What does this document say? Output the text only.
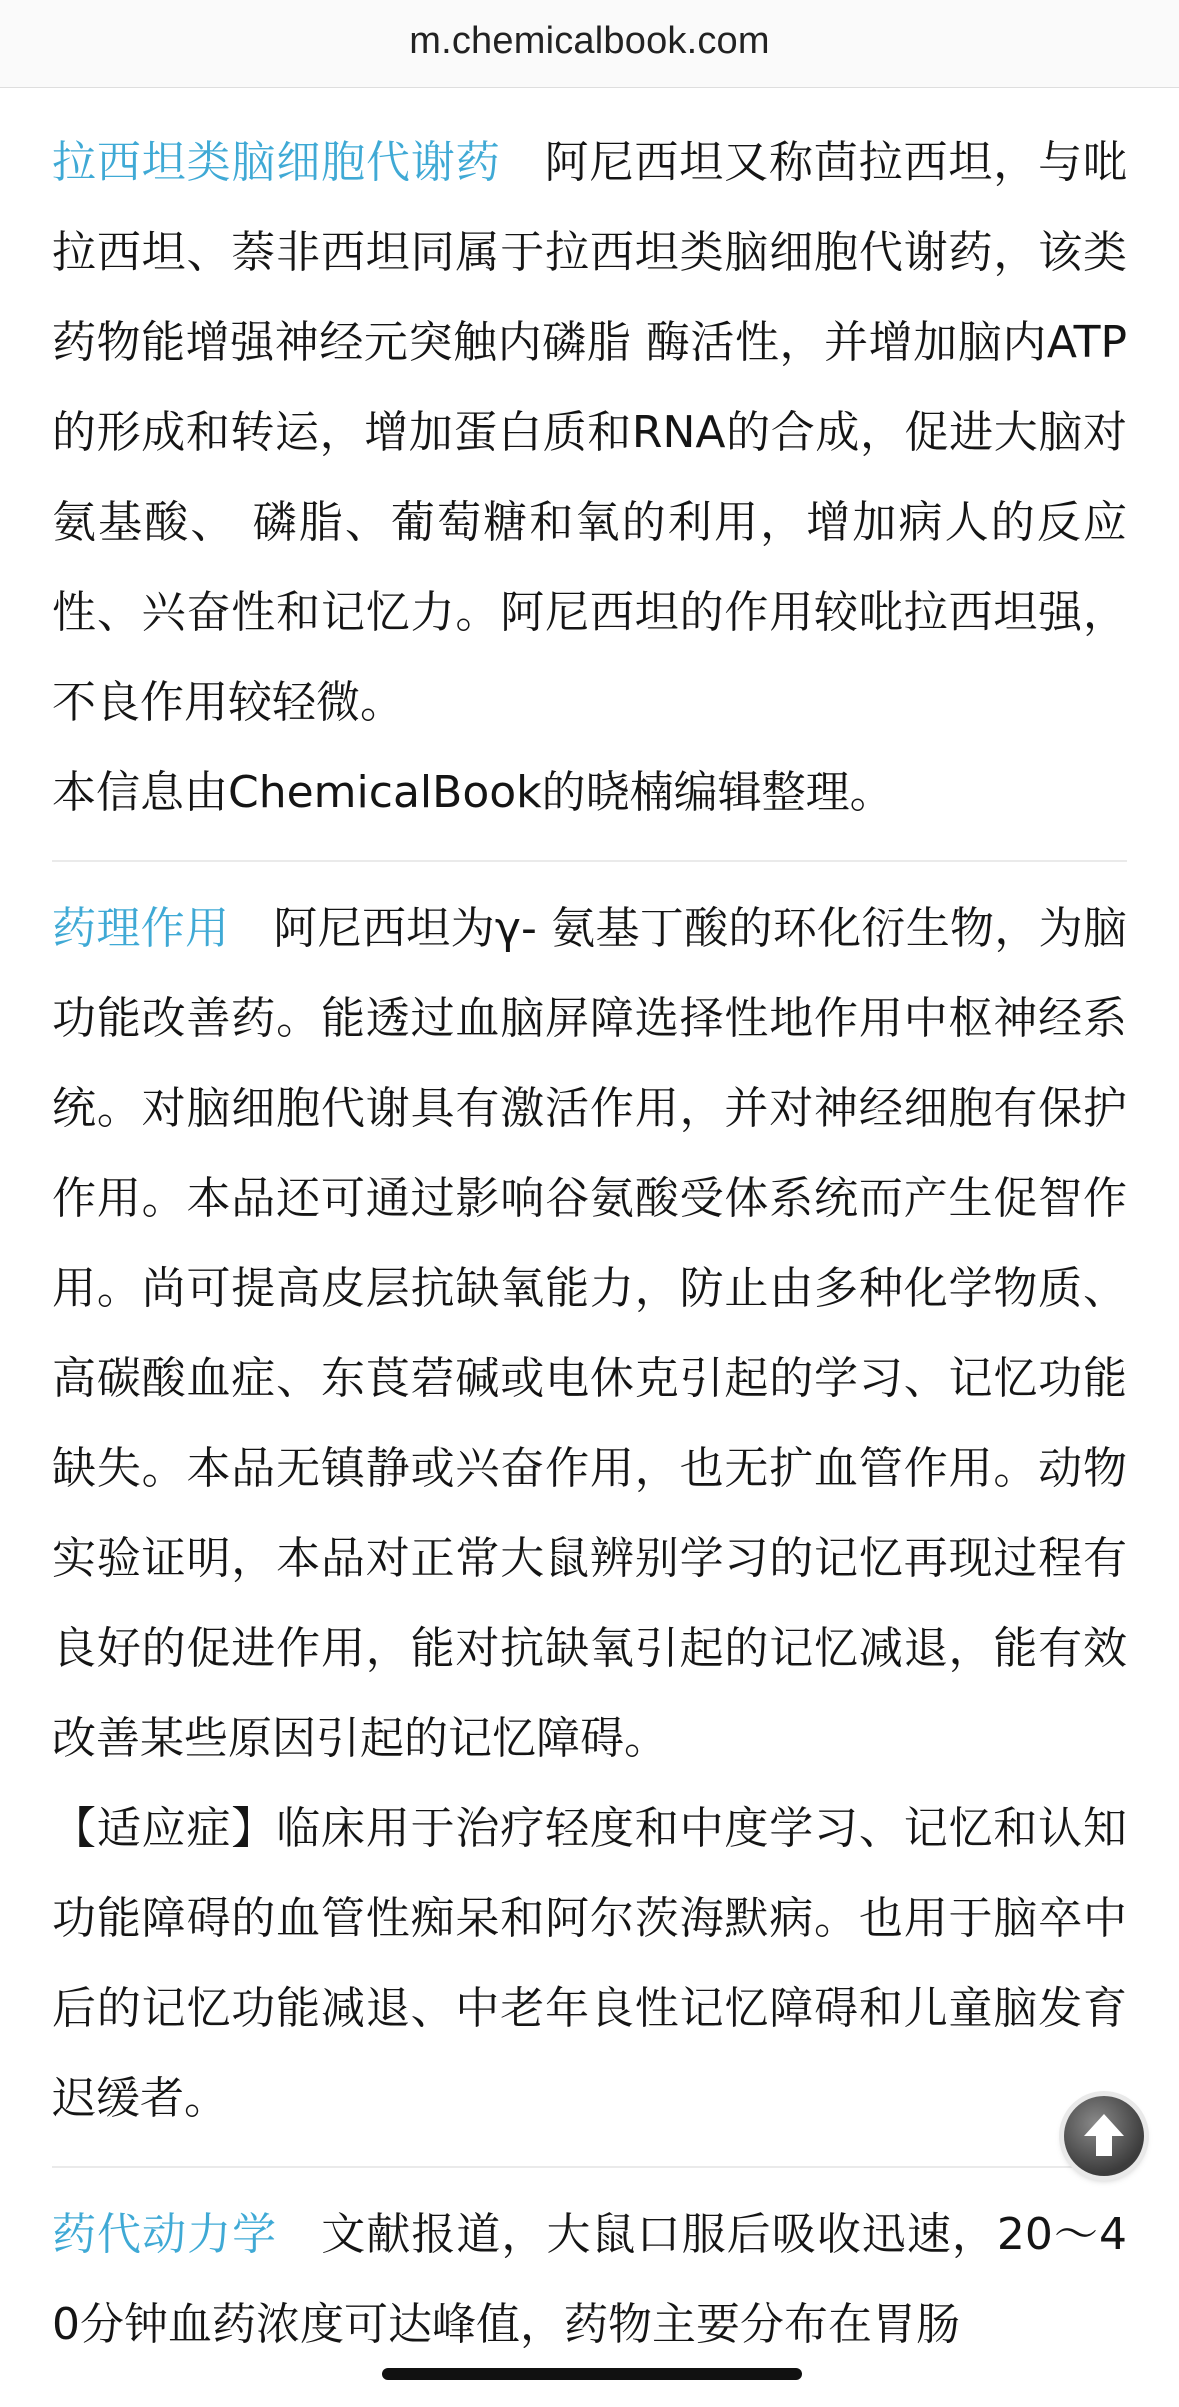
m.chemicalbook.com

拉西坦类脑细胞代谢药 阿尼西坦又称茴拉西坦，与吡拉西坦、萘非西坦同属于拉西坦类脑细胞代谢药，该类药物能增强神经元突触内磷脂 酶活性，并增加脑内ATP的形成和转运，增加蛋白质和RNA的合成，促进大脑对氨基酸、 磷脂、葡萄糖和氧的利用，增加病人的反应性、兴奋性和记忆力。阿尼西坦的作用较吡拉西坦强，不良作用较轻微。

本信息由ChemicalBook的晓楠编辑整理。

药理作用 阿尼西坦为γ- 氨基丁酸的环化衍生物，为脑功能改善药。能透过血脑屏障选择性地作用中枢神经系统。对脑细胞代谢具有激活作用，并对神经细胞有保护作用。本品还可通过影响谷氨酸受体系统而产生促智作用。尚可提高皮层抗缺氧能力，防止由多种化学物质、高碳酸血症、东莨菪碱或电休克引起的学习、记忆功能缺失。本品无镇静或兴奋作用，也无扩血管作用。动物实验证明，本品对正常大鼠辨别学习的记忆再现过程有良好的促进作用，能对抗缺氧引起的记忆减退，能有效改善某些原因引起的记忆障碍。

【适应症】临床用于治疗轻度和中度学习、记忆和认知功能障碍的血管性痴呆和阿尔茨海默病。也用于脑卒中后的记忆功能减退、中老年良性记忆障碍和儿童脑发育迟缓者。

药代动力学 文献报道，大鼠口服后吸收迅速，20～40分钟血药浓度可达峰值，药物主要分布在胃肠
